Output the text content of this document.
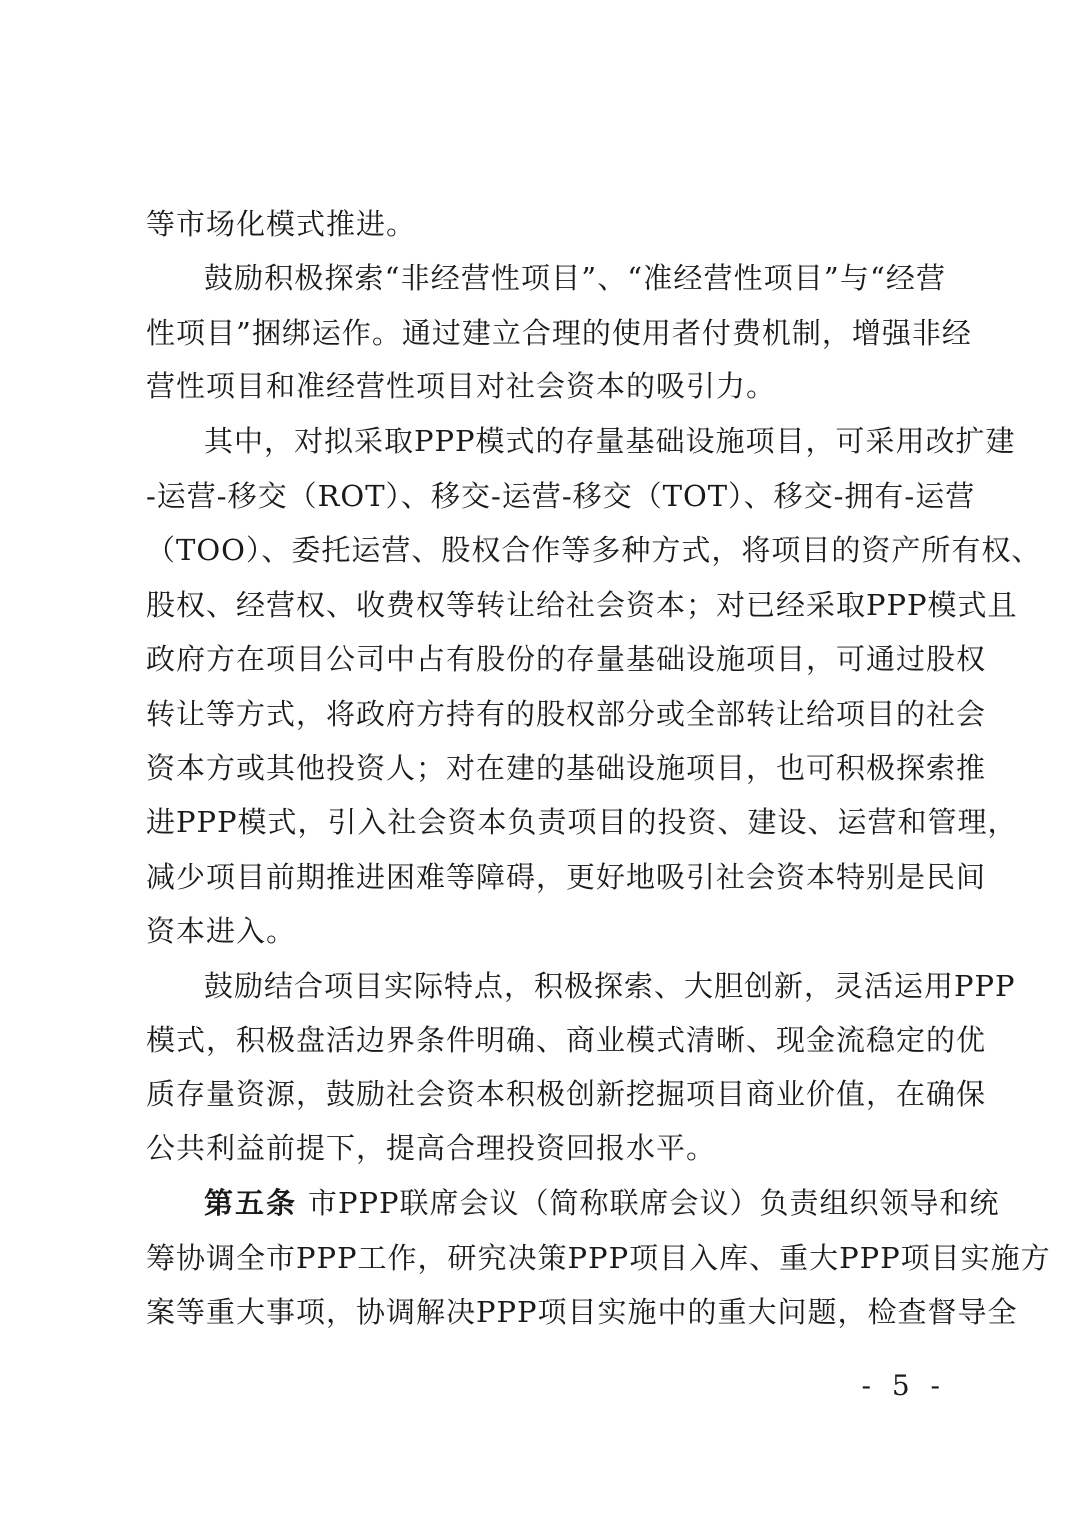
等市场化模式推进。
鼓励积极探索“非经营性项目”、“准经营性项目”与“经营
性项目”捆绑运作。通过建立合理的使用者付费机制，增强非经
营性项目和准经营性项目对社会资本的吸引力。
其中，对拟采取PPP模式的存量基础设施项目，可采用改扩建
-运营-移交（ROT）、移交-运营-移交（TOT）、移交-拥有-运营
（TOO）、委托运营、股权合作等多种方式，将项目的资产所有权、
股权、经营权、收费权等转让给社会资本；对已经采取PPP模式且
政府方在项目公司中占有股份的存量基础设施项目，可通过股权
转让等方式，将政府方持有的股权部分或全部转让给项目的社会
资本方或其他投资人；对在建的基础设施项目，也可积极探索推
进PPP模式，引入社会资本负责项目的投资、建设、运营和管理，
减少项目前期推进困难等障碍，更好地吸引社会资本特别是民间
资本进入。
鼓励结合项目实际特点，积极探索、大胆创新，灵活运用PPP
模式，积极盘活边界条件明确、商业模式清晰、现金流稳定的优
质存量资源，鼓励社会资本积极创新挖掘项目商业价值，在确保
公共利益前提下，提高合理投资回报水平。
第五条 市PPP联席会议（简称联席会议）负责组织领导和统
筹协调全市PPP工作，研究决策PPP项目入库、重大PPP项目实施方
案等重大事项，协调解决PPP项目实施中的重大问题，检查督导全
- 5 -
